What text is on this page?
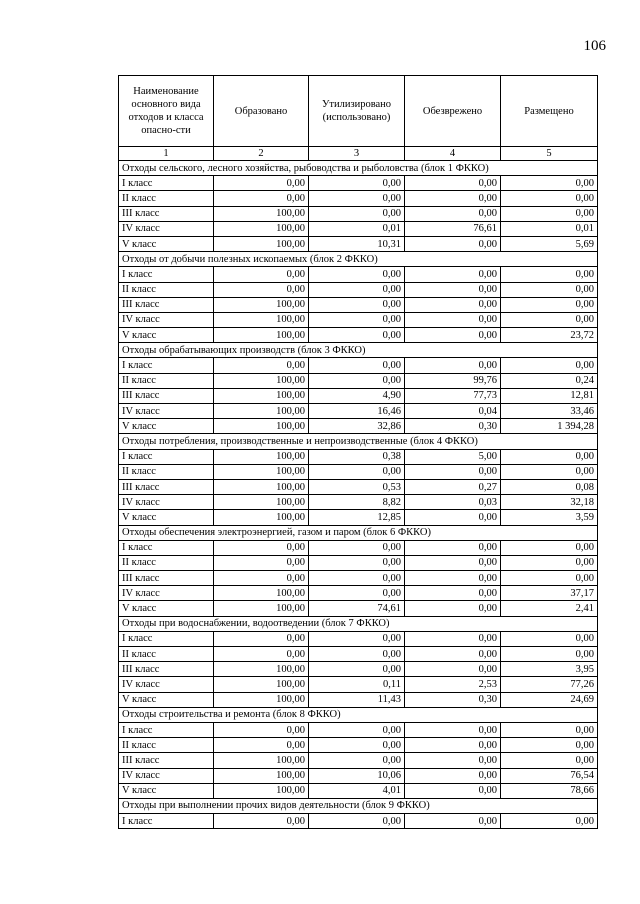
106
Наименование основного вида отходов и класса опасно-сти	Образовано	Утилизировано (использовано)	Обезврежено	Размещено
1	2	3	4	5
Отходы сельского, лесного хозяйства, рыбоводства и рыболовства (блок 1 ФККО)				
I класс	0,00	0,00	0,00	0,00
II класс	0,00	0,00	0,00	0,00
III класс	100,00	0,00	0,00	0,00
IV класс	100,00	0,01	76,61	0,01
V класс	100,00	10,31	0,00	5,69
Отходы от добычи полезных ископаемых (блок 2 ФККО)				
I класс	0,00	0,00	0,00	0,00
II класс	0,00	0,00	0,00	0,00
III класс	100,00	0,00	0,00	0,00
IV класс	100,00	0,00	0,00	0,00
V класс	100,00	0,00	0,00	23,72
Отходы обрабатывающих производств (блок 3 ФККО)				
I класс	0,00	0,00	0,00	0,00
II класс	100,00	0,00	99,76	0,24
III класс	100,00	4,90	77,73	12,81
IV класс	100,00	16,46	0,04	33,46
V класс	100,00	32,86	0,30	1 394,28
Отходы потребления, производственные и непроизводственные (блок 4 ФККО)				
I класс	100,00	0,38	5,00	0,00
II класс	100,00	0,00	0,00	0,00
III класс	100,00	0,53	0,27	0,08
IV класс	100,00	8,82	0,03	32,18
V класс	100,00	12,85	0,00	3,59
Отходы обеспечения электроэнергией, газом и паром (блок 6 ФККО)				
I класс	0,00	0,00	0,00	0,00
II класс	0,00	0,00	0,00	0,00
III класс	0,00	0,00	0,00	0,00
IV класс	100,00	0,00	0,00	37,17
V класс	100,00	74,61	0,00	2,41
Отходы при водоснабжении, водоотведении (блок 7 ФККО)				
I класс	0,00	0,00	0,00	0,00
II класс	0,00	0,00	0,00	0,00
III класс	100,00	0,00	0,00	3,95
IV класс	100,00	0,11	2,53	77,26
V класс	100,00	11,43	0,30	24,69
Отходы строительства и ремонта (блок 8 ФККО)				
I класс	0,00	0,00	0,00	0,00
II класс	0,00	0,00	0,00	0,00
III класс	100,00	0,00	0,00	0,00
IV класс	100,00	10,06	0,00	76,54
V класс	100,00	4,01	0,00	78,66
Отходы при выполнении прочих видов деятельности (блок 9 ФККО)				
I класс	0,00	0,00	0,00	0,00
